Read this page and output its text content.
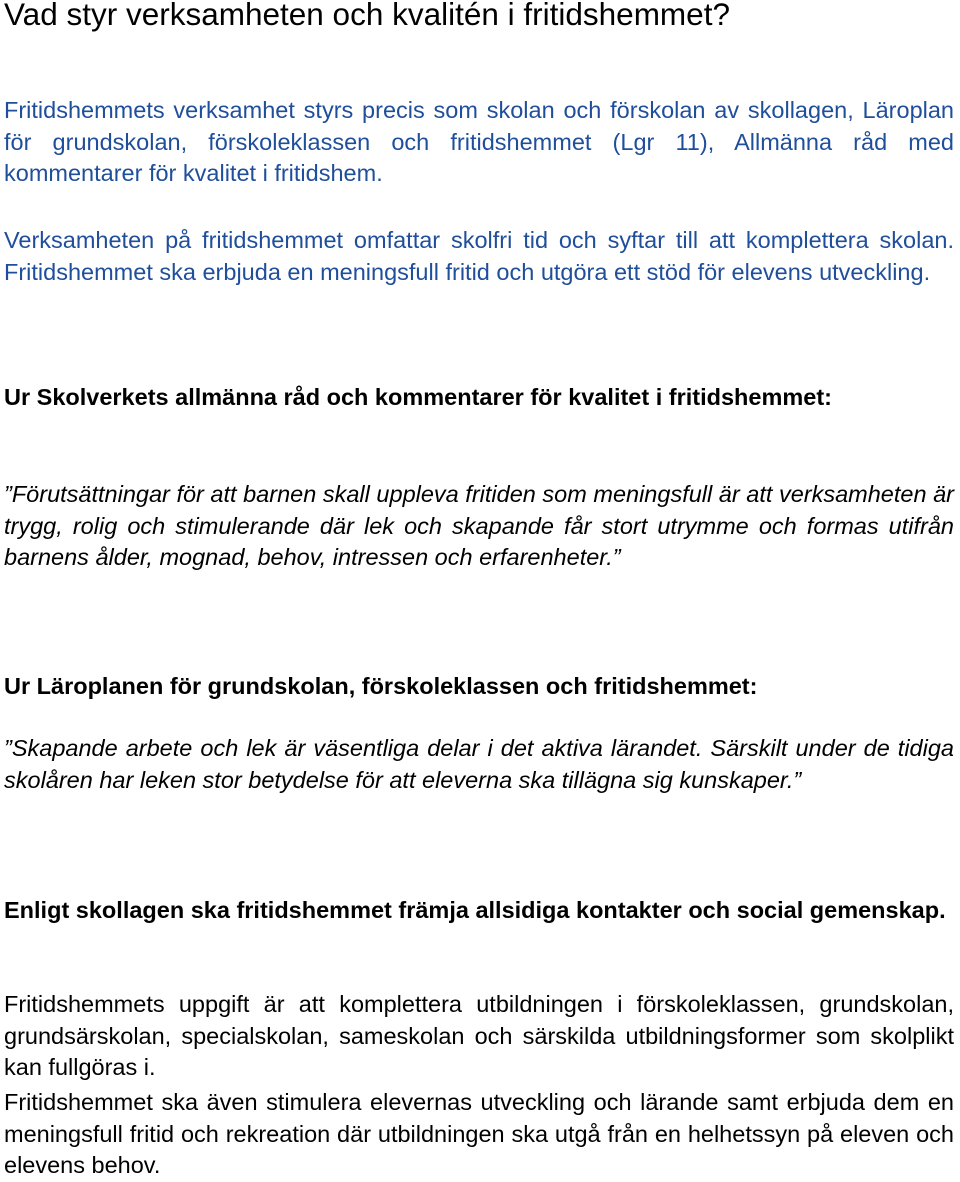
Vad styr verksamheten och kvalitén i fritidshemmet?

Fritidshemmets verksamhet styrs precis som skolan och förskolan av skollagen, Läroplan för grundskolan, förskoleklassen och fritidshemmet (Lgr 11), Allmänna råd med kommentarer för kvalitet i fritidshem.

Verksamheten på fritidshemmet omfattar skolfri tid och syftar till att komplettera skolan. Fritidshemmet ska erbjuda en meningsfull fritid och utgöra ett stöd för elevens utveckling.

Ur Skolverkets allmänna råd och kommentarer för kvalitet i fritidshemmet:

”Förutsättningar för att barnen skall uppleva fritiden som meningsfull är att verksamheten är trygg, rolig och stimulerande där lek och skapande får stort utrymme och formas utifrån barnens ålder, mognad, behov, intressen och erfarenheter.”

Ur Läroplanen för grundskolan, förskoleklassen och fritidshemmet:

”Skapande arbete och lek är väsentliga delar i det aktiva lärandet. Särskilt under de tidiga skolåren har leken stor betydelse för att eleverna ska tillägna sig kunskaper.”

Enligt skollagen ska fritidshemmet främja allsidiga kontakter och social gemenskap.

Fritidshemmets uppgift är att komplettera utbildningen i förskoleklassen, grundskolan, grundsärskolan, specialskolan, sameskolan och särskilda utbildningsformer som skolplikt kan fullgöras i.

Fritidshemmet ska även stimulera elevernas utveckling och lärande samt erbjuda dem en meningsfull fritid och rekreation där utbildningen ska utgå från en helhetssyn på eleven och elevens behov.
